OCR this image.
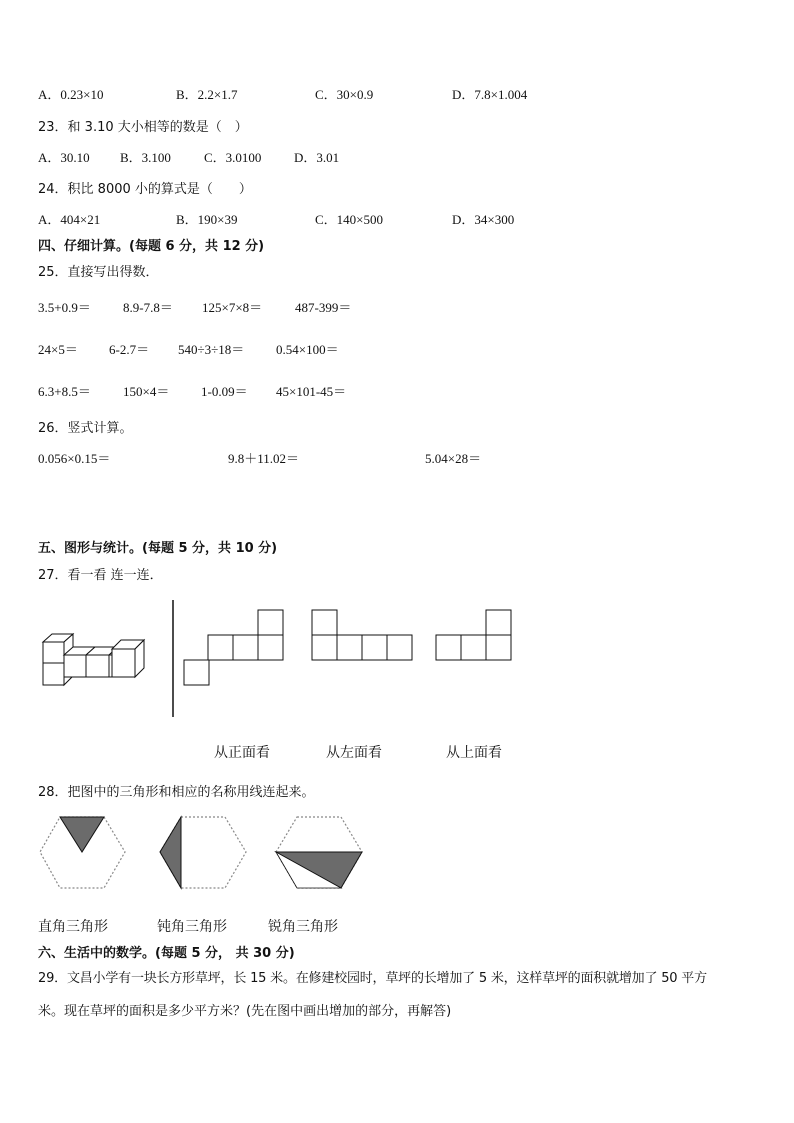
A．0.23×10	B．2.2×1.7	C．30×0.9	D．7.8×1.004
23．和 3.10 大小相等的数是（　）
A．30.10 B．3.100	C．3.0100	D．3.01
24．积比 8000 小的算式是（　　）
A．404×21	B．190×39	C．140×500	D．34×300
四、仔细计算。(每题 6 分，共 12 分)
25．直接写出得数．
3.5+0.9＝ 8.9-7.8＝ 125×7×8＝	487-399＝
24×5＝ 6-2.7＝ 540÷3÷18＝ 0.54×100＝
6.3+8.5＝ 150×4＝ 1-0.09＝ 45×101-45＝
26．竖式计算。
0.056×0.15＝	9.8＋11.02＝	5.04×28＝
五、图形与统计。(每题 5 分，共 10 分)
27．看一看 连一连．
从正面看	从左面看	从上面看
28．把图中的三角形和相应的名称用线连起来。
直角三角形	钝角三角形	锐角三角形
六、生活中的数学。(每题 5 分， 共 30 分)
29．文昌小学有一块长方形草坪，长 15 米。在修建校园时，草坪的长增加了 5 米，这样草坪的面积就增加了 50 平方
米。现在草坪的面积是多少平方米？(先在图中画出增加的部分，再解答)
